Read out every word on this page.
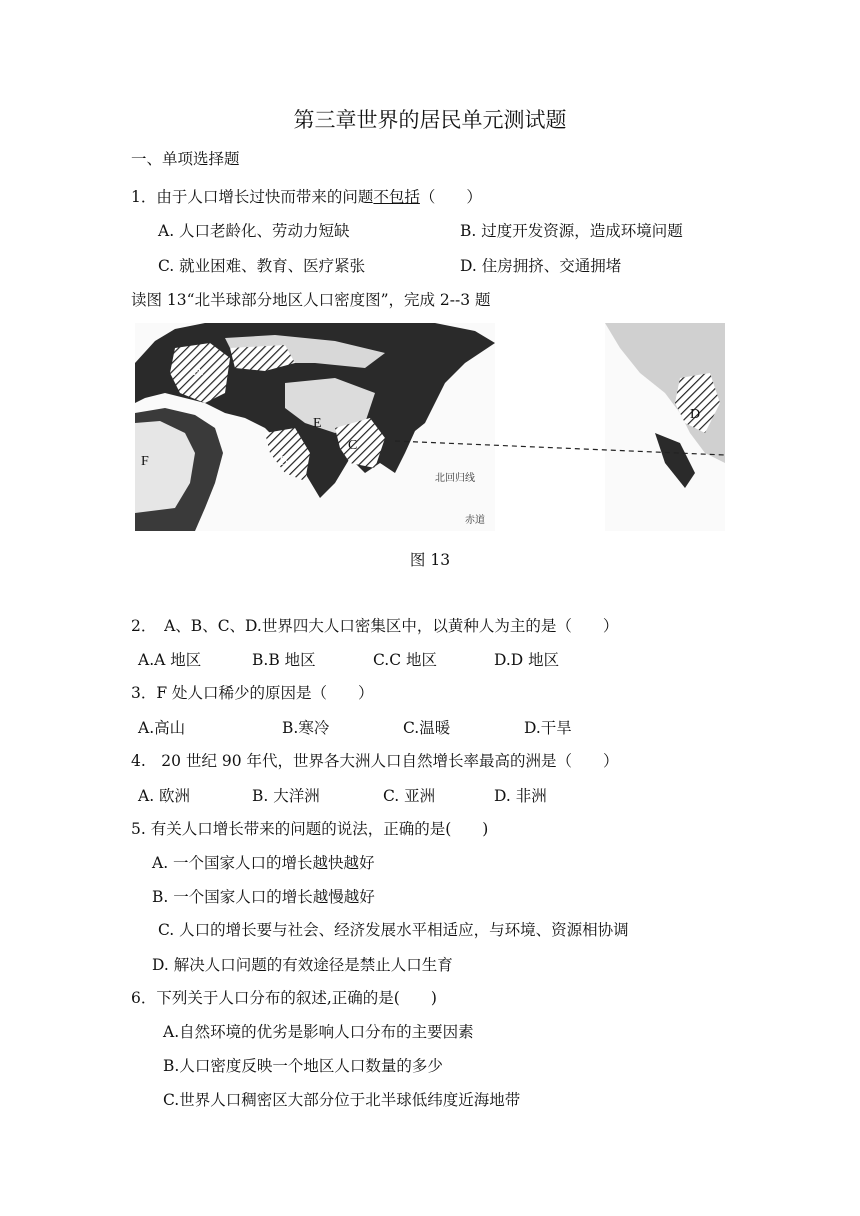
第三章世界的居民单元测试题
一、单项选择题
1．由于人口增长过快而带来的问题不包括（　　）
A. 人口老龄化、劳动力短缺	B. 过度开发资源，造成环境问题
C. 就业困难、教育、医疗紧张	D. 住房拥挤、交通拥堵
读图 13“北半球部分地区人口密度图”，完成 2--3 题
A
B
C
D
E
F
北回归线
赤道
图 13
2．　A、B、C、D.世界四大人口密集区中，以黄种人为主的是（　　）
A.A 地区	B.B 地区	C.C 地区	D.D 地区
3．F 处人口稀少的原因是（　　）
A.高山	B.寒冷	C.温暖	D.干旱
4.　20 世纪 90 年代，世界各大洲人口自然增长率最高的洲是（　　）
A. 欧洲	B. 大洋洲	C. 亚洲	D. 非洲
5. 有关人口增长带来的问题的说法，正确的是(　　)
A. 一个国家人口的增长越快越好
B. 一个国家人口的增长越慢越好
C. 人口的增长要与社会、经济发展水平相适应，与环境、资源相协调
D. 解决人口问题的有效途径是禁止人口生育
6．下列关于人口分布的叙述,正确的是(　　)
A.自然环境的优劣是影响人口分布的主要因素
B.人口密度反映一个地区人口数量的多少
C.世界人口稠密区大部分位于北半球低纬度近海地带
